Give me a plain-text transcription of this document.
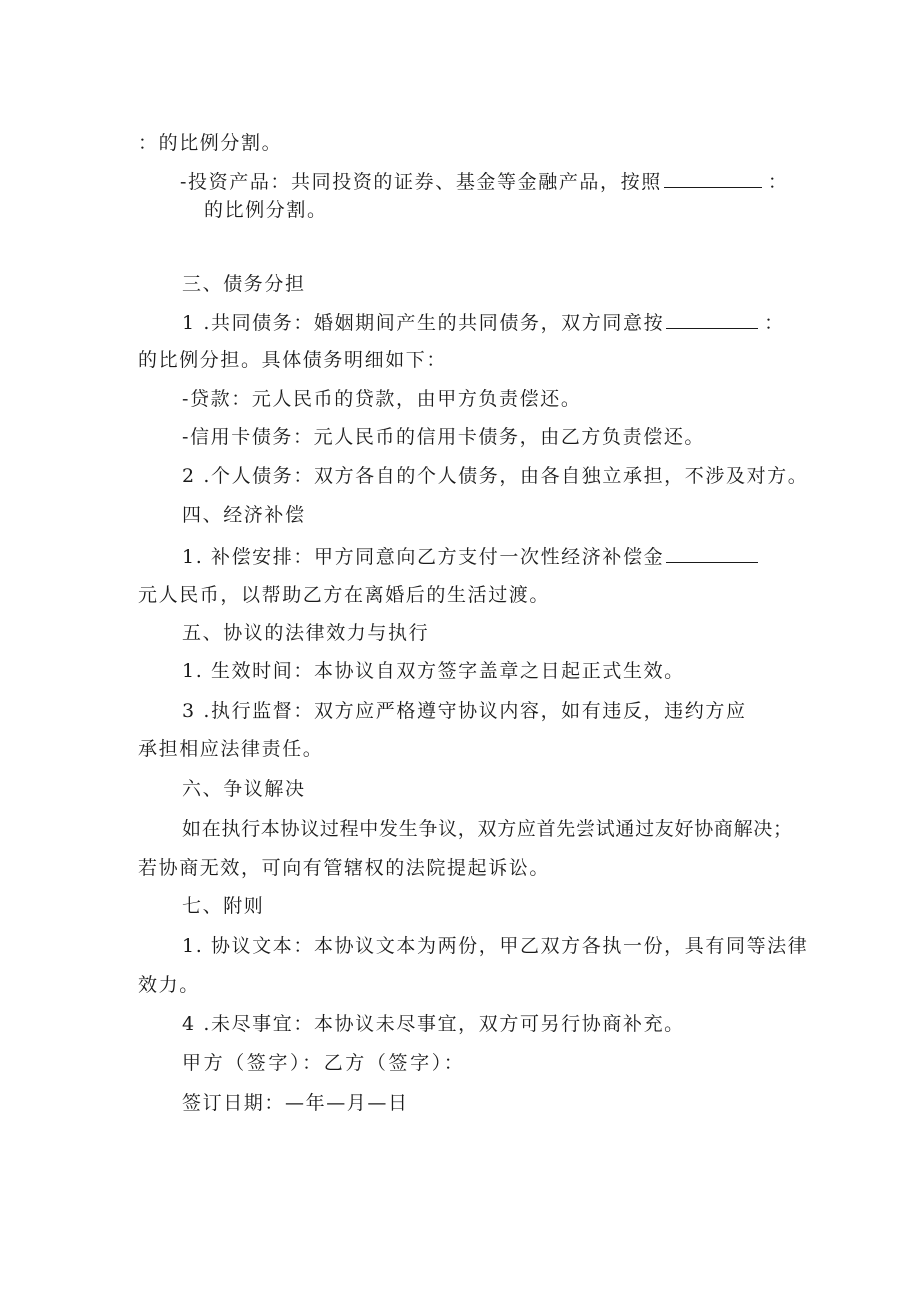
：的比例分割。
-投资产品：共同投资的证券、基金等金融产品，按照	：
的比例分割。
三、债务分担
1 .共同债务：婚姻期间产生的共同债务，双方同意按	：
的比例分担。具体债务明细如下：
-贷款：元人民币的贷款，由甲方负责偿还。
-信用卡债务：元人民币的信用卡债务，由乙方负责偿还。
2 .个人债务：双方各自的个人债务，由各自独立承担，不涉及对方。
四、经济补偿
1. 补偿安排：甲方同意向乙方支付一次性经济补偿金
元人民币，以帮助乙方在离婚后的生活过渡。
五、协议的法律效力与执行
1. 生效时间：本协议自双方签字盖章之日起正式生效。
3 .执行监督：双方应严格遵守协议内容，如有违反，违约方应
承担相应法律责任。
六、争议解决
如在执行本协议过程中发生争议，双方应首先尝试通过友好协商解决；
若协商无效，可向有管辖权的法院提起诉讼。
七、附则
1. 协议文本：本协议文本为两份，甲乙双方各执一份，具有同等法律
效力。
4 .未尽事宜：本协议未尽事宜，双方可另行协商补充。
甲方（签字）：乙方（签字）：
签订日期：—年—月—日
